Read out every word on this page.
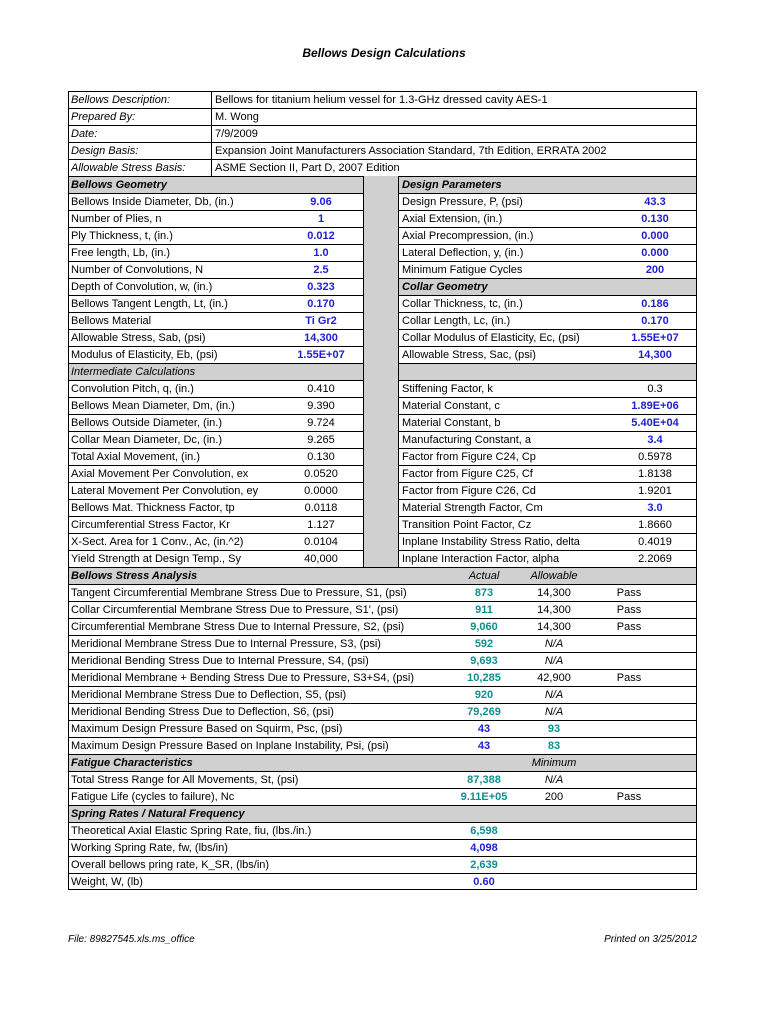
Bellows Design Calculations
Bellows Description:	Bellows for titanium helium vessel for 1.3-GHz dressed cavity AES-1
Prepared By:	M. Wong
Date:	7/9/2009
Design Basis:	Expansion Joint Manufacturers Association Standard, 7th Edition, ERRATA 2002
Allowable Stress Basis:	ASME Section II, Part D, 2007 Edition
Bellows Geometry	Design Parameters
Bellows Inside Diameter, Db, (in.)	9.06	Design Pressure, P, (psi)	43.3
Number of Plies, n	1	Axial Extension, (in.)	0.130
Ply Thickness, t, (in.)	0.012	Axial Precompression, (in.)	0.000
Free length, Lb, (in.)	1.0	Lateral Deflection, y, (in.)	0.000
Number of Convolutions, N	2.5	Minimum Fatigue Cycles	200
Depth of Convolution, w, (in.)	0.323	Collar Geometry
Bellows Tangent Length, Lt, (in.)	0.170	Collar Thickness, tc, (in.)	0.186
Bellows Material	Ti Gr2	Collar Length, Lc, (in.)	0.170
Allowable Stress, Sab, (psi)	14,300	Collar Modulus of Elasticity, Ec, (psi)	1.55E+07
Modulus of Elasticity, Eb, (psi)	1.55E+07	Allowable Stress, Sac, (psi)	14,300
Intermediate Calculations
Convolution Pitch, q, (in.)	0.410	Stiffening Factor, k	0.3
Bellows Mean Diameter, Dm, (in.)	9.390	Material Constant, c	1.89E+06
Bellows Outside Diameter, (in.)	9.724	Material Constant, b	5.40E+04
Collar Mean Diameter, Dc, (in.)	9.265	Manufacturing Constant, a	3.4
Total Axial Movement, (in.)	0.130	Factor from Figure C24, Cp	0.5978
Axial Movement Per Convolution, ex	0.0520	Factor from Figure C25, Cf	1.8138
Lateral Movement Per Convolution, ey	0.0000	Factor from Figure C26, Cd	1.9201
Bellows Mat. Thickness Factor, tp	0.0118	Material Strength Factor, Cm	3.0
Circumferential Stress Factor, Kr	1.127	Transition Point Factor, Cz	1.8660
X-Sect. Area for 1 Conv., Ac, (in.^2)	0.0104	Inplane Instability Stress Ratio, delta	0.4019
Yield Strength at Design Temp., Sy	40,000	Inplane Interaction Factor, alpha	2.2069
Bellows Stress Analysis	Actual	Allowable
Tangent Circumferential Membrane Stress Due to Pressure, S1, (psi)	873	14,300	Pass
Collar Circumferential Membrane Stress Due to Pressure, S1', (psi)	911	14,300	Pass
Circumferential Membrane Stress Due to Internal Pressure, S2, (psi)	9,060	14,300	Pass
Meridional Membrane Stress Due to Internal Pressure, S3, (psi)	592	N/A
Meridional Bending Stress Due to Internal Pressure, S4, (psi)	9,693	N/A
Meridional Membrane + Bending Stress Due to Pressure, S3+S4, (psi)	10,285	42,900	Pass
Meridional Membrane Stress Due to Deflection, S5, (psi)	920	N/A
Meridional Bending Stress Due to Deflection, S6, (psi)	79,269	N/A
Maximum Design Pressure Based on Squirm, Psc, (psi)	43	93
Maximum Design Pressure Based on Inplane Instability, Psi, (psi)	43	83
Fatigue Characteristics	Minimum
Total Stress Range for All Movements, St, (psi)	87,388	N/A
Fatigue Life (cycles to failure), Nc	9.11E+05	200	Pass
Spring Rates / Natural Frequency
Theoretical Axial Elastic Spring Rate, fiu, (lbs./in.)	6,598
Working Spring Rate, fw, (lbs/in)	4,098
Overall bellows pring rate, K_SR, (lbs/in)	2,639
Weight, W, (lb)	0.60
File: 89827545.xls.ms_office	Printed on 3/25/2012
